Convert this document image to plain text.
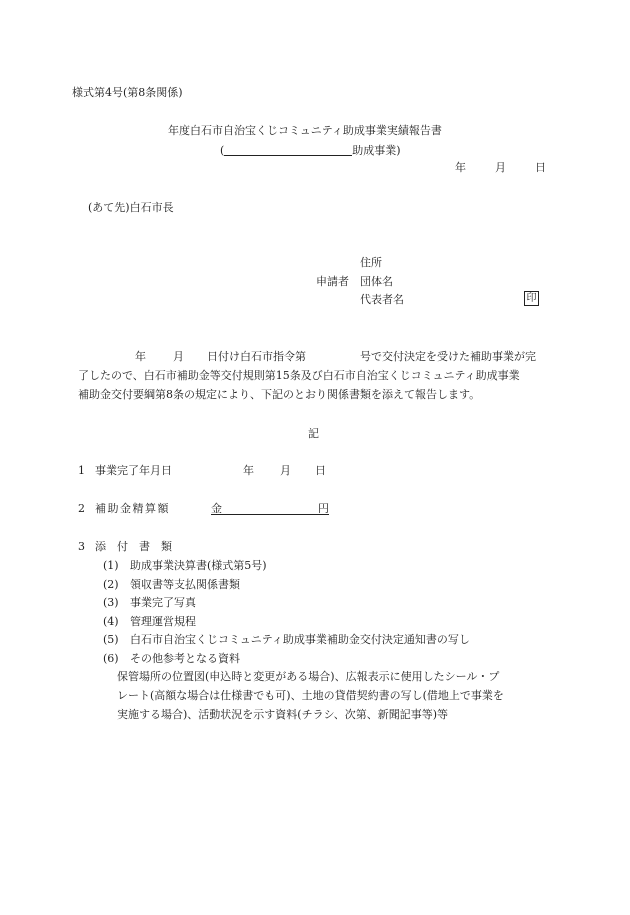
様式第4号(第8条関係)
年度白石市自治宝くじコミュニティ助成事業実績報告書
(	助成事業)
年	月	日
(あて先)白石市長
住所
申請者 団体名
代表者名	印
年 月 日付け白石市指令第	号で交付決定を受けた補助事業が完
了したので、白石市補助金等交付規則第15条及び白石市自治宝くじコミュニティ助成事業
補助金交付要綱第8条の規定により、下記のとおり関係書類を添えて報告します。
記
1 事業完了年月日	年 月 日
2 補助金精算額	金	円
3 添　付　書　類
(1) 助成事業決算書(様式第5号)
(2) 領収書等支払関係書類
(3) 事業完了写真
(4) 管理運営規程
(5) 白石市自治宝くじコミュニティ助成事業補助金交付決定通知書の写し
(6) その他参考となる資料
保管場所の位置図(申込時と変更がある場合)、広報表示に使用したシール・プ
レート(高額な場合は仕様書でも可)、土地の貸借契約書の写し(借地上で事業を
実施する場合)、活動状況を示す資料(チラシ、次第、新聞記事等)等
